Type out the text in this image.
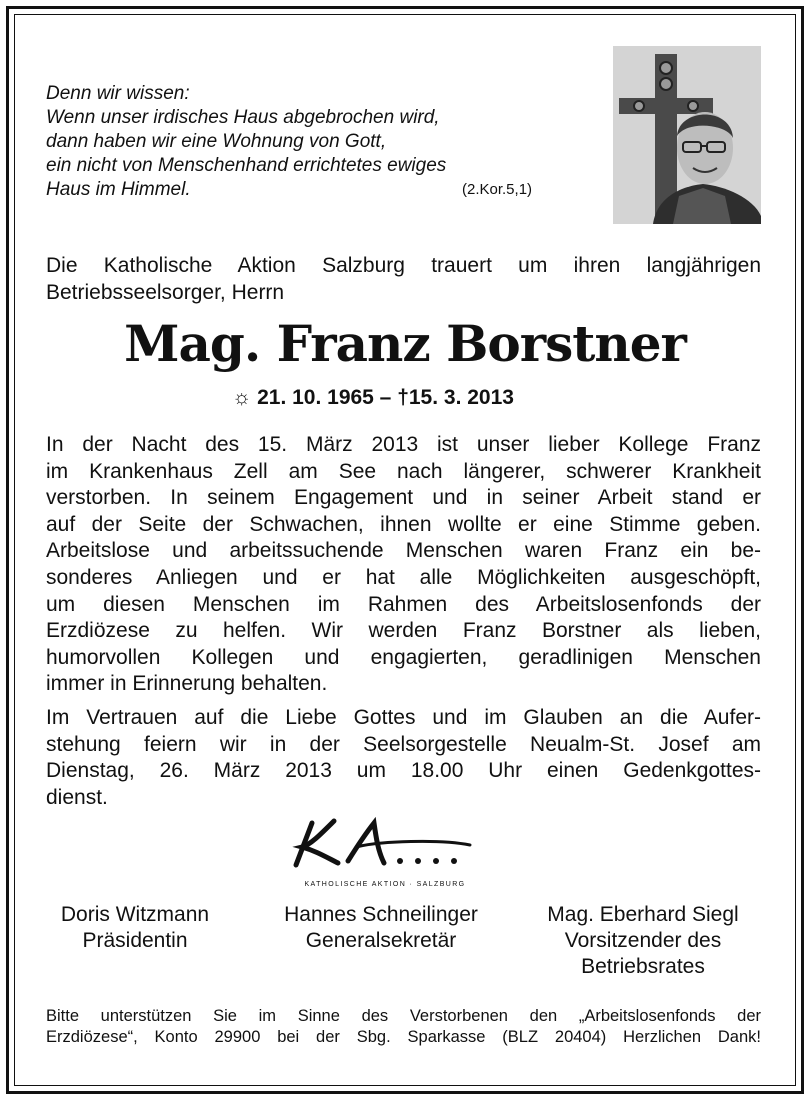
Denn wir wissen:
Wenn unser irdisches Haus abgebrochen wird,
dann haben wir eine Wohnung von Gott,
ein nicht von Menschenhand errichtetes ewiges
Haus im Himmel.	(2.Kor.5,1)
Die Katholische Aktion Salzburg trauert um ihren langjährigen
Betriebsseelsorger, Herrn
Mag. Franz Borstner
☼ 21. 10. 1965 – †15. 3. 2013
In der Nacht des 15. März 2013 ist unser lieber Kollege Franz
im Krankenhaus Zell am See nach längerer, schwerer Krankheit
verstorben. In seinem Engagement und in seiner Arbeit stand er
auf der Seite der Schwachen, ihnen wollte er eine Stimme geben.
Arbeitslose und arbeitssuchende Menschen waren Franz ein be-
sonderes Anliegen und er hat alle Möglichkeiten ausgeschöpft,
um diesen Menschen im Rahmen des Arbeitslosenfonds der
Erzdiözese zu helfen. Wir werden Franz Borstner als lieben,
humorvollen Kollegen und engagierten, geradlinigen Menschen
immer in Erinnerung behalten.
Im Vertrauen auf die Liebe Gottes und im Glauben an die Aufer-
stehung feiern wir in der Seelsorgestelle Neualm-St. Josef am
Dienstag, 26. März 2013 um 18.00 Uhr einen Gedenkgottes-
dienst.
KATHOLISCHE AKTION · SALZBURG
Doris Witzmann
Präsidentin
Hannes Schneilinger
Generalsekretär
Mag. Eberhard Siegl
Vorsitzender des
Betriebsrates
Bitte unterstützen Sie im Sinne des Verstorbenen den „Arbeitslosenfonds der
Erzdiözese“, Konto 29900 bei der Sbg. Sparkasse (BLZ 20404) Herzlichen Dank!
